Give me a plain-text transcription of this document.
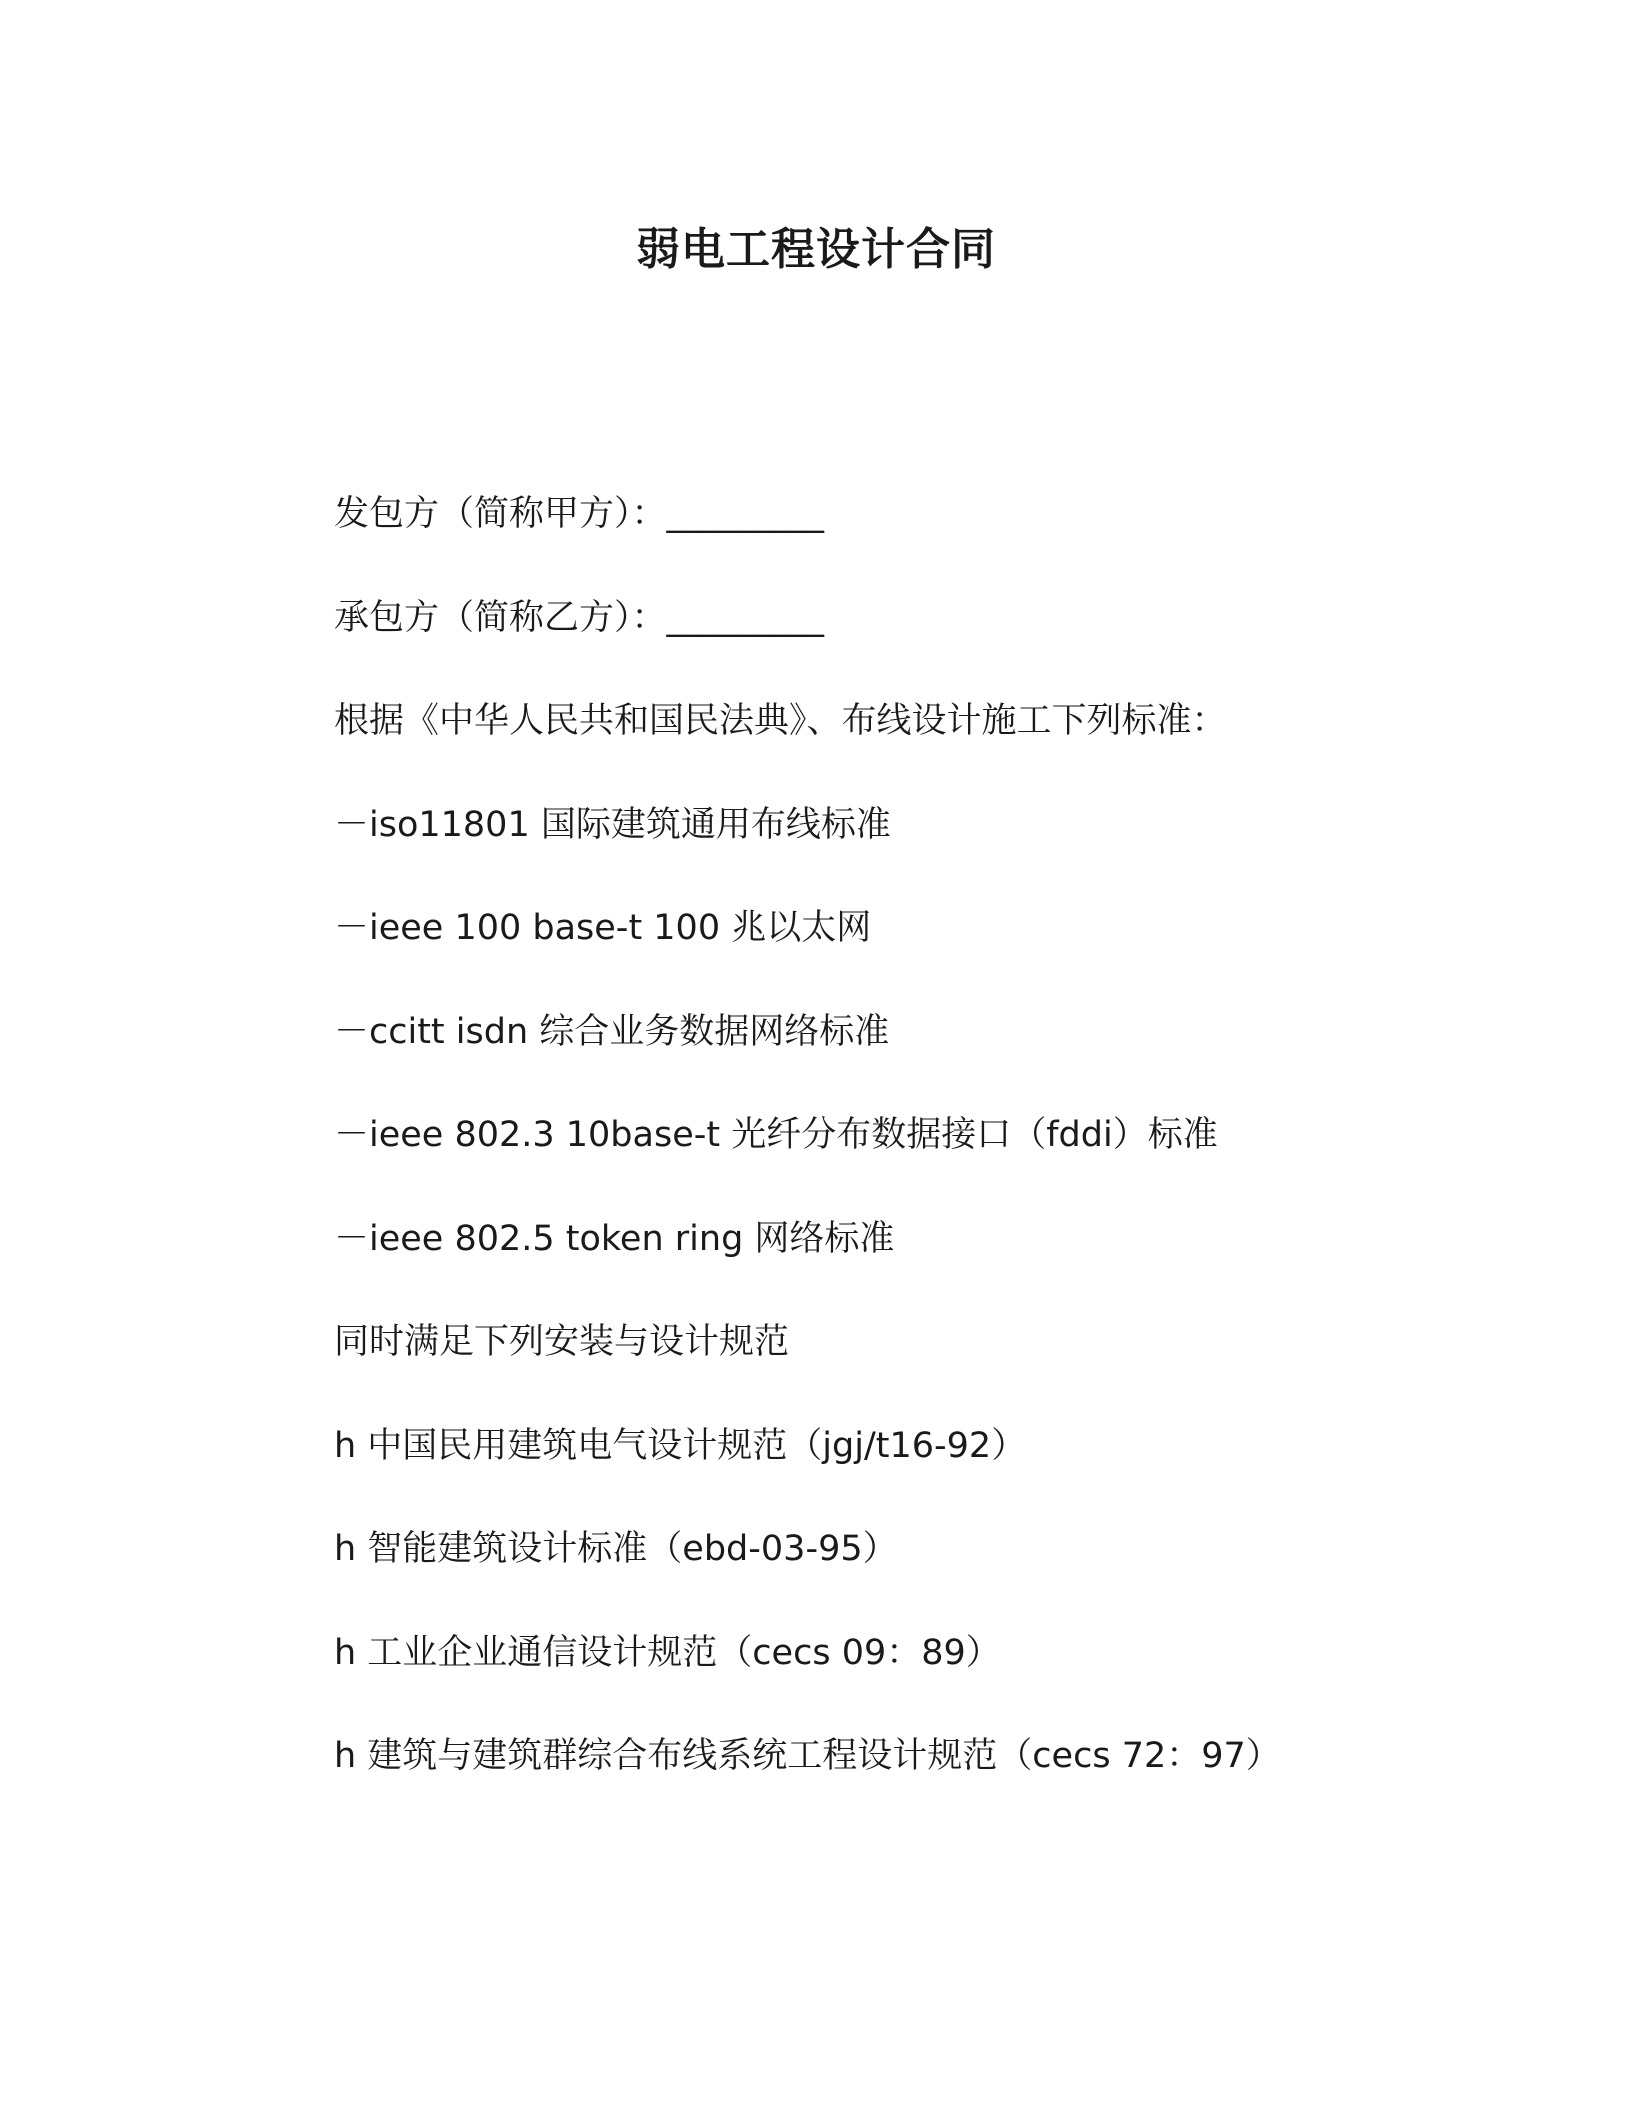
弱电工程设计合同
发包方（简称甲方）：_________
承包方（简称乙方）：_________
根据《中华人民共和国民法典》、布线设计施工下列标准：
－iso11801 国际建筑通用布线标准
－ieee 100 base-t 100 兆以太网
－ccitt isdn 综合业务数据网络标准
－ieee 802.3 10base-t 光纤分布数据接口（fddi）标准
－ieee 802.5 token ring 网络标准
同时满足下列安装与设计规范
h 中国民用建筑电气设计规范（jgj/t16-92）
h 智能建筑设计标准（ebd-03-95）
h 工业企业通信设计规范（cecs 09：89）
h 建筑与建筑群综合布线系统工程设计规范（cecs 72：97）
